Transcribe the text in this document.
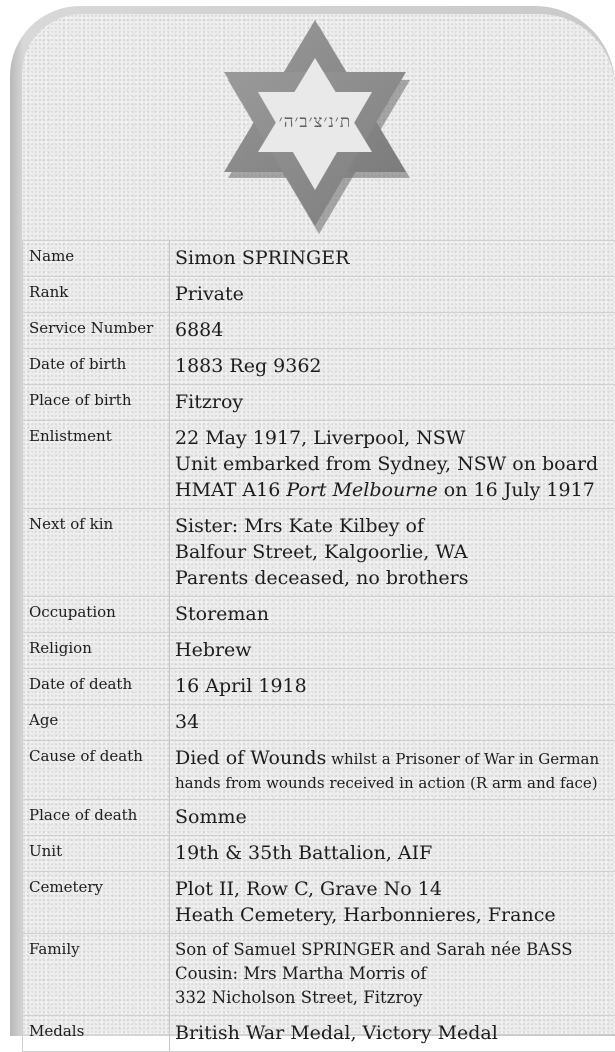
ת׳נ׳צ׳ב׳ה׳
Name	Simon SPRINGER
Rank	Private
Service Number	6884
Date of birth	1883 Reg 9362
Place of birth	Fitzroy
Enlistment	22 May 1917, Liverpool, NSW
Unit embarked from Sydney, NSW on board
HMAT A16 Port Melbourne on 16 July 1917

Next of kin	Sister: Mrs Kate Kilbey of
Balfour Street, Kalgoorlie, WA
Parents deceased, no brothers

Occupation	Storeman
Religion	Hebrew
Date of death	16 April 1918
Age	34
Cause of death	Died of Wounds whilst a Prisoner of War in German
hands from wounds received in action (R arm and face)

Place of death	Somme
Unit	19th & 35th Battalion, AIF
Cemetery	Plot II, Row C, Grave No 14
Heath Cemetery, Harbonnieres, France

Family	Son of Samuel SPRINGER and Sarah née BASS
Cousin: Mrs Martha Morris of
332 Nicholson Street, Fitzroy

Medals	British War Medal, Victory Medal
